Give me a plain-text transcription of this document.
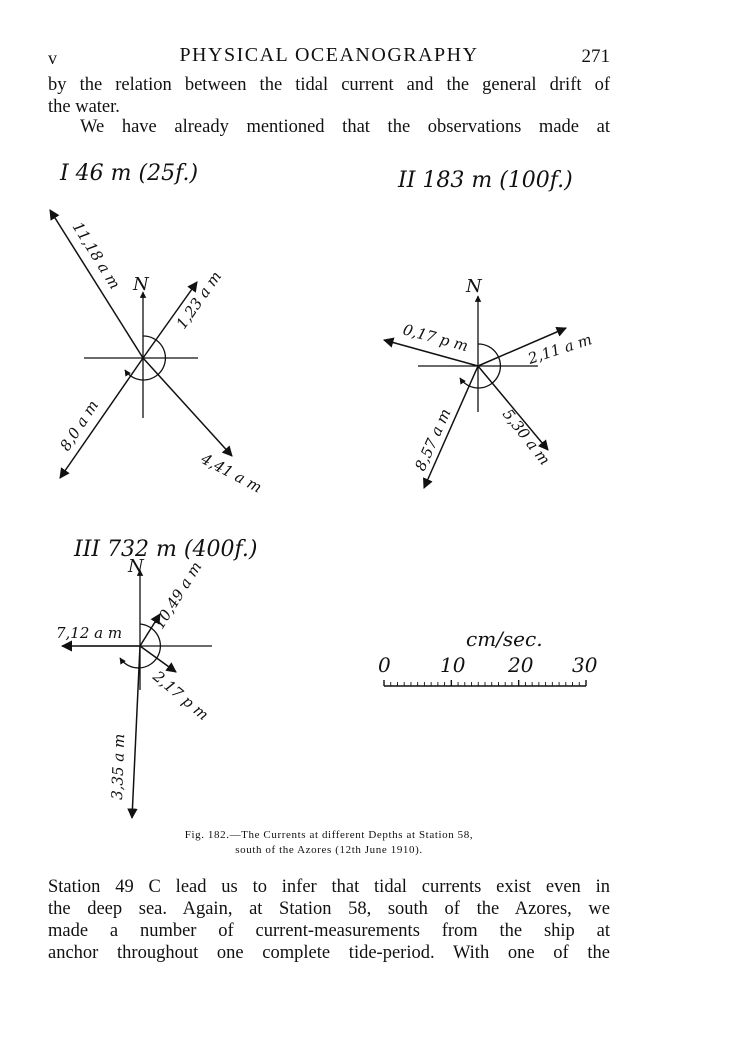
v	PHYSICAL OCEANOGRAPHY	271

by the relation between the tidal current and the general drift of

the water.

We have already mentioned that the observations made at

I 46 m (25f.)
N
11,18 a m
1,23 a m
8,0 a m
4,41 a m
II 183 m (100f.)
N
0,17 p m	2,11 a m
8,57 a m	5,30 a m
III 732 m (400f.)
N
7,12 a m
10,49 a m
2,17 p m
3,35 a m
cm/sec.
0 10 20 30
Fig. 182.—The Currents at different Depths at Station 58,
south of the Azores (12th June 1910).

Station 49 C lead us to infer that tidal currents exist even in

the deep sea. Again, at Station 58, south of the Azores, we

made a number of current-measurements from the ship at

anchor throughout one complete tide-period. With one of the
